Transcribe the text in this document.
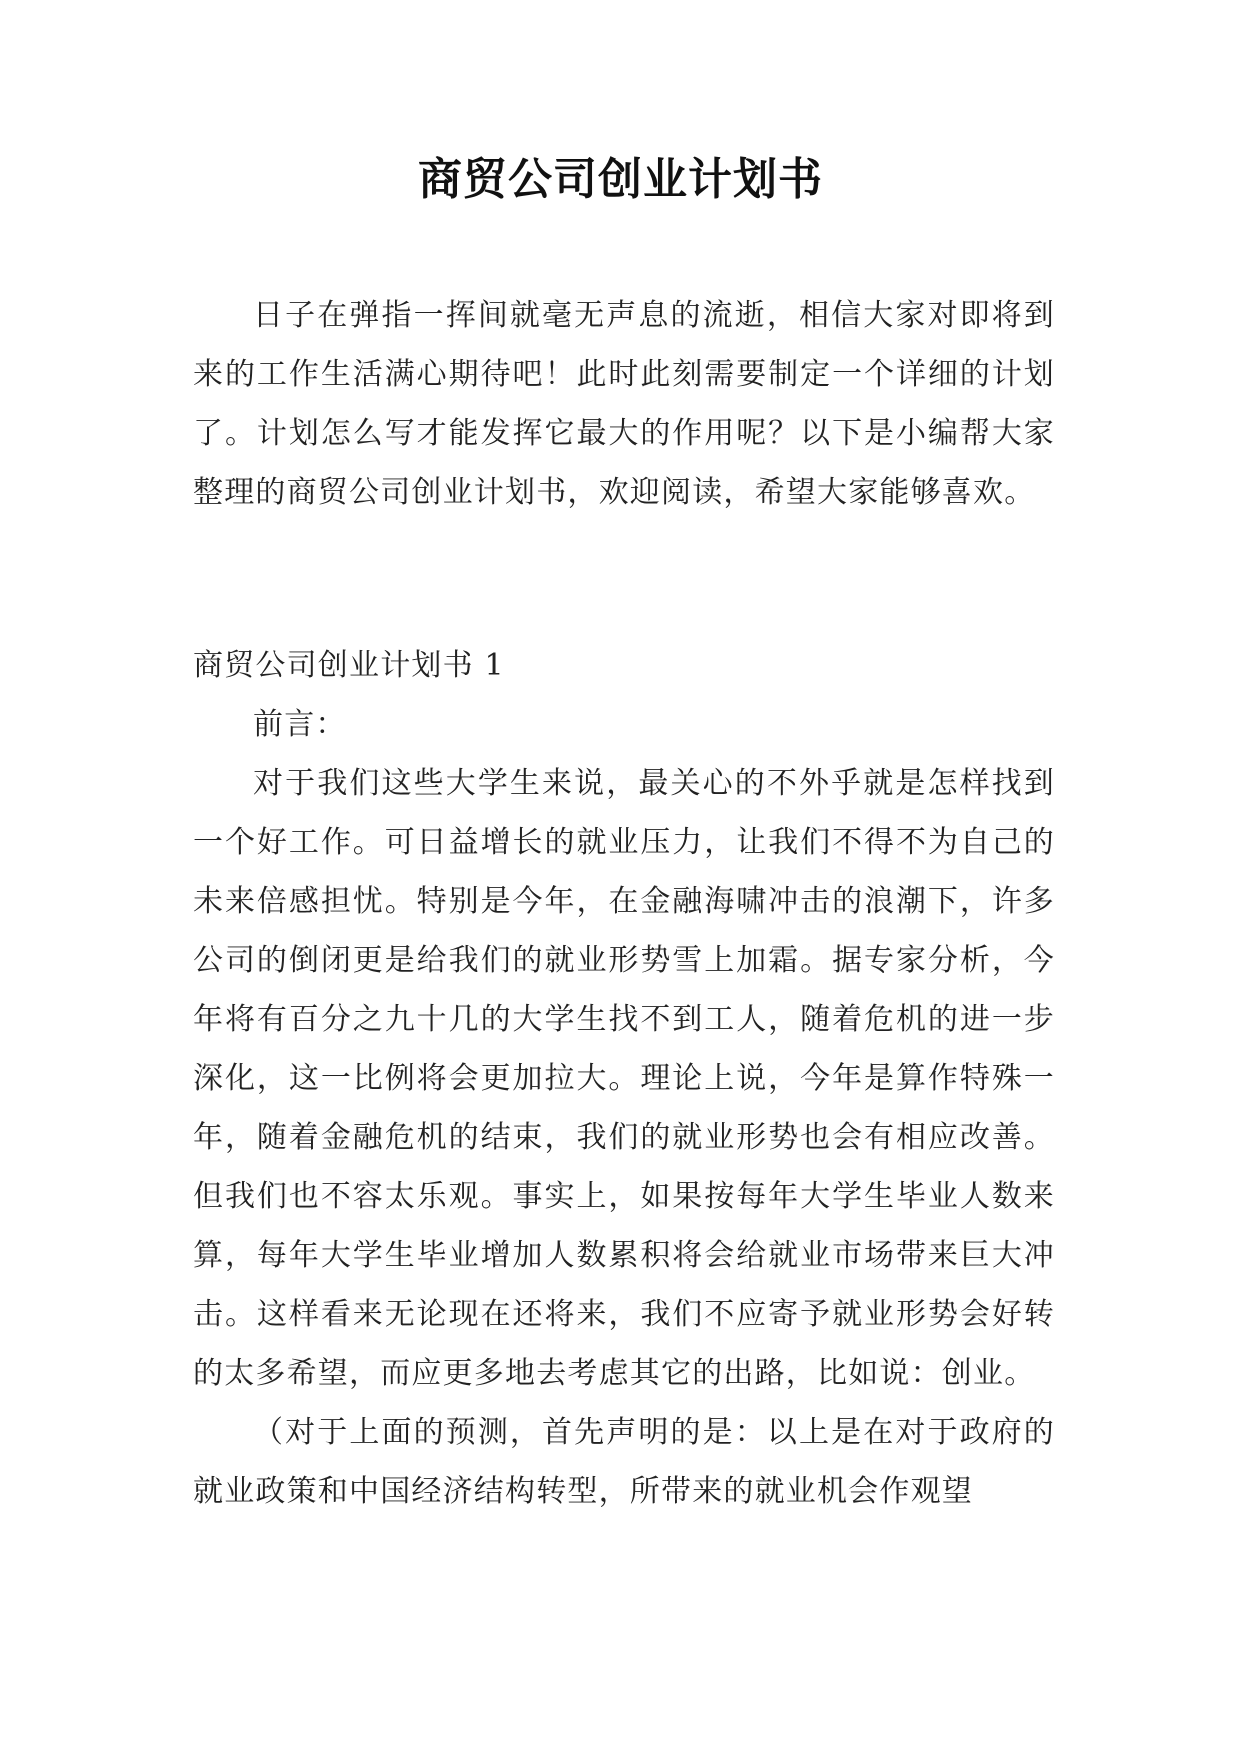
商贸公司创业计划书

日子在弹指一挥间就毫无声息的流逝，相信大家对即将到来的工作生活满心期待吧！此时此刻需要制定一个详细的计划了。计划怎么写才能发挥它最大的作用呢？以下是小编帮大家整理的商贸公司创业计划书，欢迎阅读，希望大家能够喜欢。

商贸公司创业计划书 1

前言：

对于我们这些大学生来说，最关心的不外乎就是怎样找到一个好工作。可日益增长的就业压力，让我们不得不为自己的未来倍感担忧。特别是今年，在金融海啸冲击的浪潮下，许多公司的倒闭更是给我们的就业形势雪上加霜。据专家分析，今年将有百分之九十几的大学生找不到工人，随着危机的进一步深化，这一比例将会更加拉大。理论上说，今年是算作特殊一年，随着金融危机的结束，我们的就业形势也会有相应改善。但我们也不容太乐观。事实上，如果按每年大学生毕业人数来算，每年大学生毕业增加人数累积将会给就业市场带来巨大冲击。这样看来无论现在还将来，我们不应寄予就业形势会好转的太多希望，而应更多地去考虑其它的出路，比如说：创业。

（对于上面的预测，首先声明的是：以上是在对于政府的就业政策和中国经济结构转型，所带来的就业机会作观望
